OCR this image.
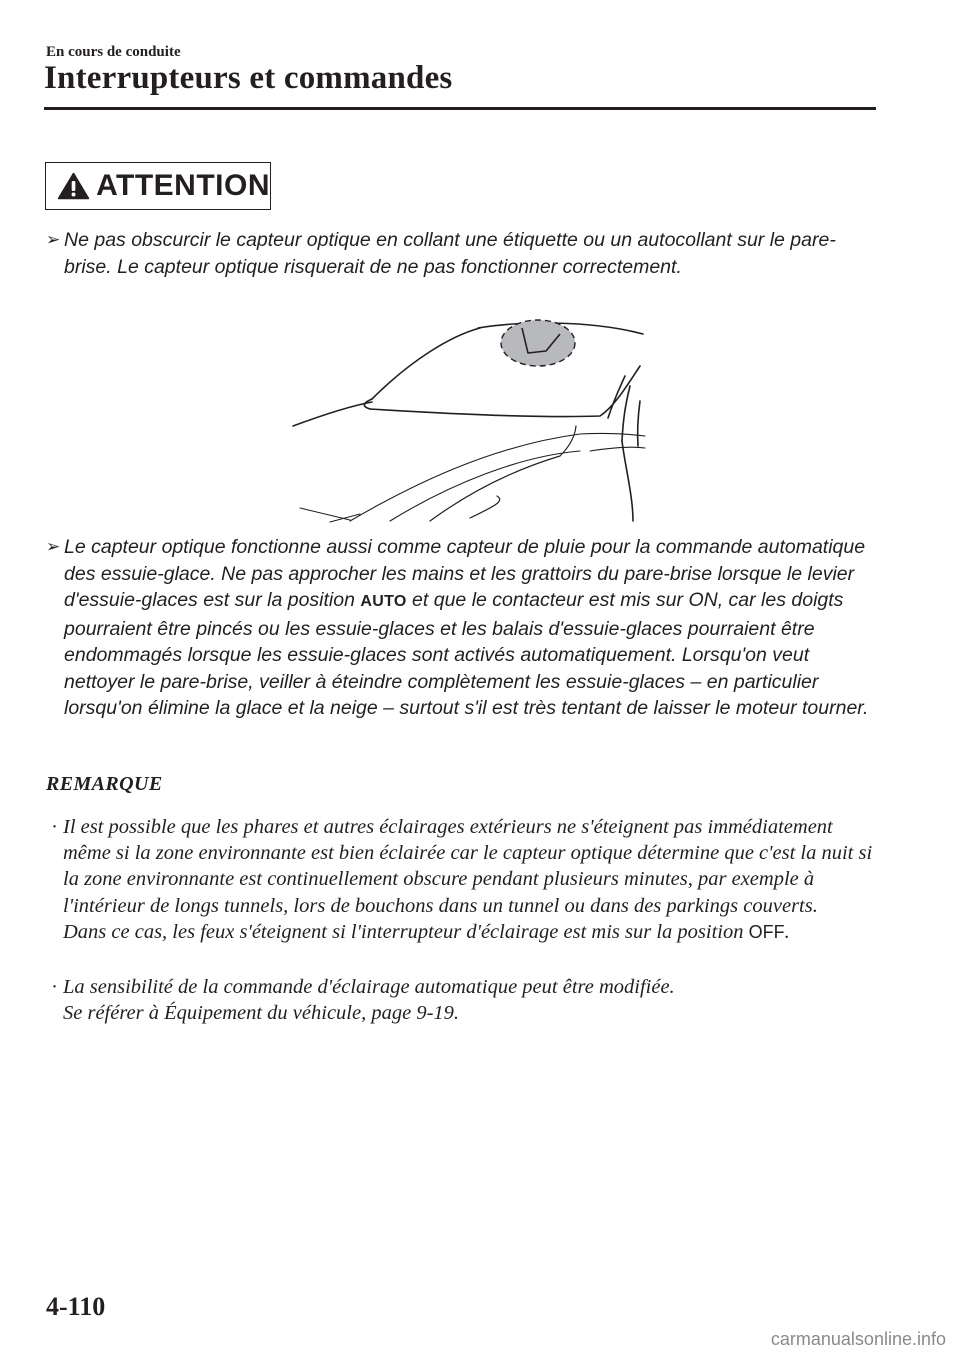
En cours de conduite
Interrupteurs et commandes
ATTENTION
➢ Ne pas obscurcir le capteur optique en collant une étiquette ou un autocollant sur le pare-brise. Le capteur optique risquerait de ne pas fonctionner correctement.
➢ Le capteur optique fonctionne aussi comme capteur de pluie pour la commande automatique des essuie-glace. Ne pas approcher les mains et les grattoirs du pare-brise lorsque le levier d'essuie-glaces est sur la position AUTO et que le contacteur est mis sur ON, car les doigts pourraient être pincés ou les essuie-glaces et les balais d'essuie-glaces pourraient être endommagés lorsque les essuie-glaces sont activés automatiquement. Lorsqu'on veut nettoyer le pare-brise, veiller à éteindre complètement les essuie-glaces – en particulier lorsqu'on élimine la glace et la neige – surtout s'il est très tentant de laisser le moteur tourner.
REMARQUE
· Il est possible que les phares et autres éclairages extérieurs ne s'éteignent pas immédiatement même si la zone environnante est bien éclairée car le capteur optique détermine que c'est la nuit si la zone environnante est continuellement obscure pendant plusieurs minutes, par exemple à l'intérieur de longs tunnels, lors de bouchons dans un tunnel ou dans des parkings couverts.
Dans ce cas, les feux s'éteignent si l'interrupteur d'éclairage est mis sur la position OFF.
· La sensibilité de la commande d'éclairage automatique peut être modifiée.
Se référer à Équipement du véhicule, page 9-19.
4-110
carmanualsonline.info
